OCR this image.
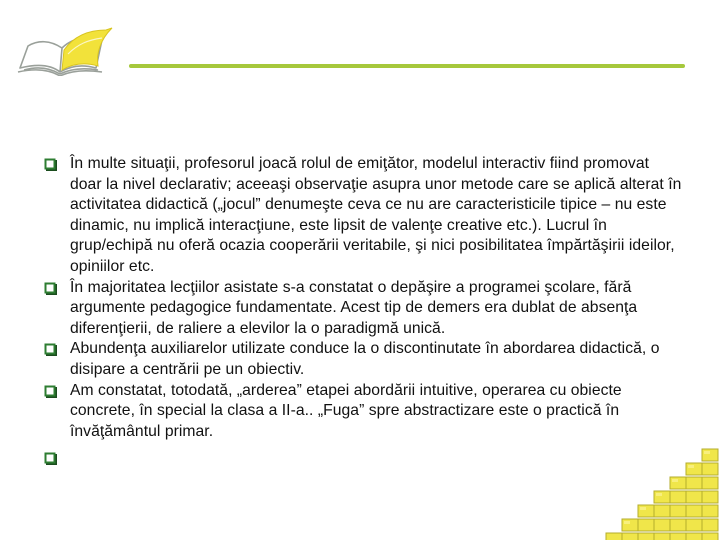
În multe situaţii, profesorul joacă rolul de emiţător, modelul interactiv fiind promovat doar la nivel declarativ; aceeaşi observaţie asupra unor metode care se aplică alterat în activitatea didactică („jocul” denumeşte ceva ce nu are caracteristicile tipice – nu este dinamic, nu implică interacţiune, este lipsit de valenţe creative etc.). Lucrul în grup/echipă nu oferă ocazia cooperării veritabile, şi nici posibilitatea împărtăşirii ideilor, opiniilor etc.
În majoritatea lecţiilor asistate s-a constatat o depăşire a programei şcolare, fără argumente pedagogice fundamentate. Acest tip de demers era dublat de absenţa diferenţierii, de raliere a elevilor la o paradigmă unică.
Abundenţa auxiliarelor utilizate conduce la o discontinutate în abordarea didactică, o disipare a centrării pe un obiectiv.
Am constatat, totodată, „arderea” etapei abordării intuitive, operarea cu obiecte concrete, în special la clasa a II-a.. „Fuga” spre abstractizare este o practică în învăţământul primar.
